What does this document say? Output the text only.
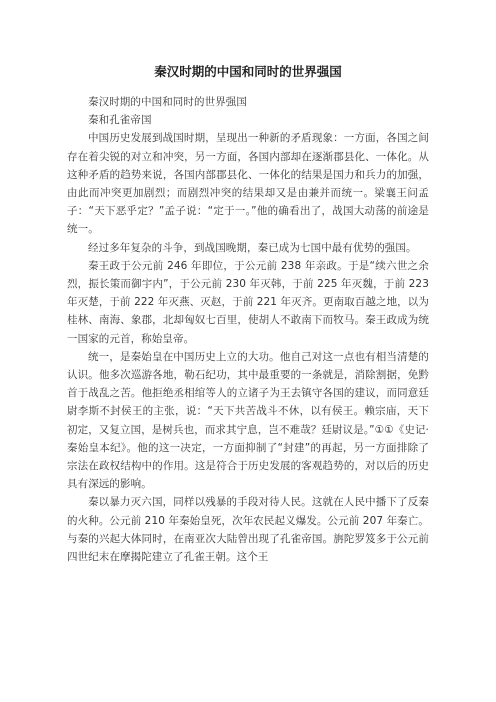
秦汉时期的中国和同时的世界强国

秦汉时期的中国和同时的世界强国

秦和孔雀帝国

中国历史发展到战国时期，呈现出一种新的矛盾现象：一方面，各国之间存在着尖锐的对立和冲突，另一方面，各国内部却在逐渐郡县化、一体化。从这种矛盾的趋势来说，各国内部郡县化、一体化的结果是国力和兵力的加强，由此而冲突更加剧烈；而剧烈冲突的结果却又是由兼并而统一。梁襄王问孟子：“天下恶乎定？”孟子说：“定于一。”他的确看出了，战国大动荡的前途是统一。

经过多年复杂的斗争，到战国晚期，秦已成为七国中最有优势的强国。

秦王政于公元前 246 年即位，于公元前 238 年亲政。于是“续六世之余烈，振长策而御宇内”，于公元前 230 年灭韩，于前 225 年灭魏，于前 223 年灭楚，于前 222 年灭燕、灭赵，于前 221 年灭齐。更南取百越之地，以为桂林、南海、象郡，北却匈奴七百里，使胡人不敢南下而牧马。秦王政成为统一国家的元首，称始皇帝。

统一，是秦始皇在中国历史上立的大功。他自己对这一点也有相当清楚的认识。他多次巡游各地，勒石纪功，其中最重要的一条就是，消除割据，免黔首于战乱之苦。他拒绝丞相绾等人的立诸子为王去镇守各国的建议，而同意廷尉李斯不封侯王的主张，说：“天下共苦战斗不休，以有侯王。赖宗庙，天下初定，又复立国，是树兵也，而求其宁息，岂不难哉？廷尉议是。”①①《史记·秦始皇本纪》。他的这一决定，一方面抑制了“封建”的再起，另一方面排除了宗法在政权结构中的作用。这是符合于历史发展的客观趋势的，对以后的历史具有深远的影响。

秦以暴力灭六国，同样以残暴的手段对待人民。这就在人民中播下了反秦的火种。公元前 210 年秦始皇死，次年农民起义爆发。公元前 207 年秦亡。与秦的兴起大体同时，在南亚次大陆曾出现了孔雀帝国。旃陀罗笈多于公元前四世纪末在摩揭陀建立了孔雀王朝。这个王
